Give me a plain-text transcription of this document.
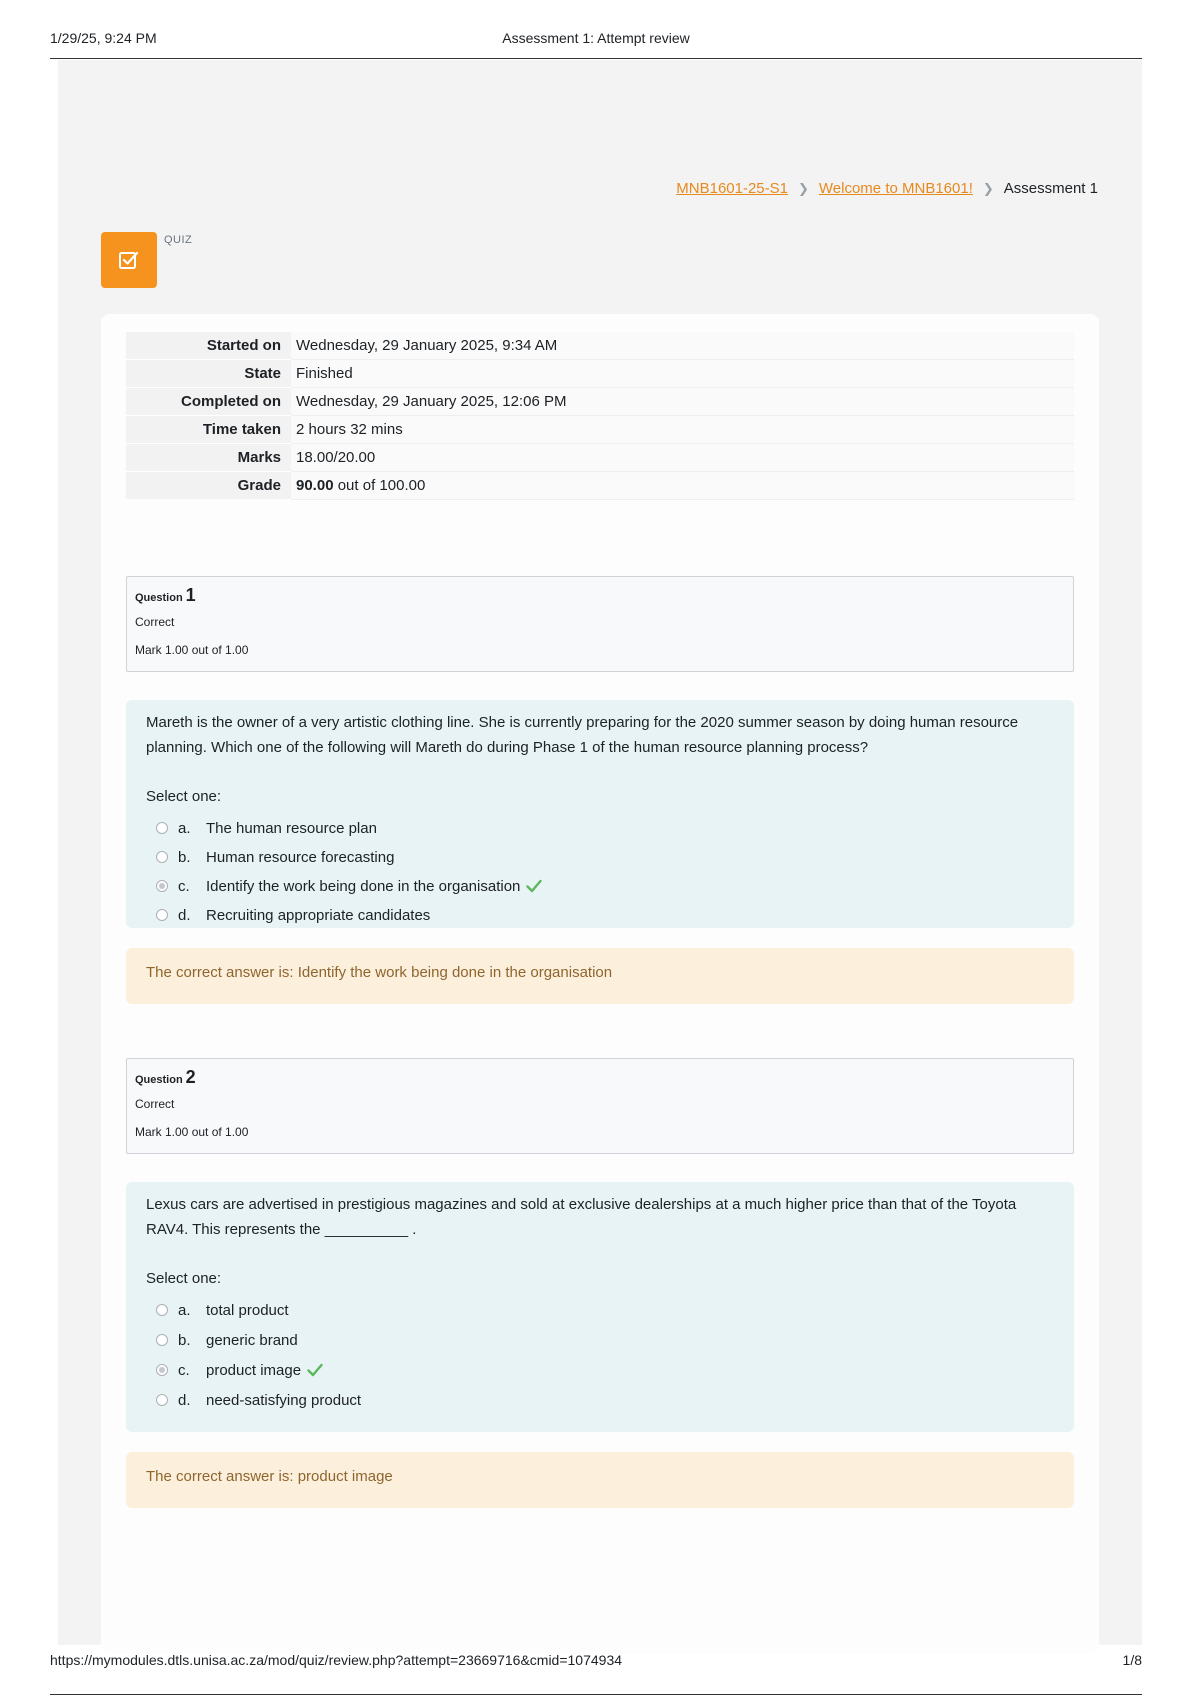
1/29/25, 9:24 PM	Assessment 1: Attempt review
MNB1601-25-S1 ❯ Welcome to MNB1601! ❯ Assessment 1
QUIZ
Started on	Wednesday, 29 January 2025, 9:34 AM
State	Finished
Completed on	Wednesday, 29 January 2025, 12:06 PM
Time taken	2 hours 32 mins
Marks	18.00/20.00
Grade	90.00 out of 100.00
Question 1
Correct
Mark 1.00 out of 1.00
Mareth is the owner of a very artistic clothing line. She is currently preparing for the 2020 summer season by doing human resource planning. Which one of the following will Mareth do during Phase 1 of the human resource planning process?
Select one:
a.	The human resource plan
b.	Human resource forecasting
c.	Identify the work being done in the organisation
d.	Recruiting appropriate candidates
The correct answer is: Identify the work being done in the organisation
Question 2
Correct
Mark 1.00 out of 1.00
Lexus cars are advertised in prestigious magazines and sold at exclusive dealerships at a much higher price than that of the Toyota RAV4. This represents the __________ .
Select one:
a.	total product
b.	generic brand
c.	product image
d.	need-satisfying product
The correct answer is: product image
https://mymodules.dtls.unisa.ac.za/mod/quiz/review.php?attempt=23669716&cmid=1074934	1/8
